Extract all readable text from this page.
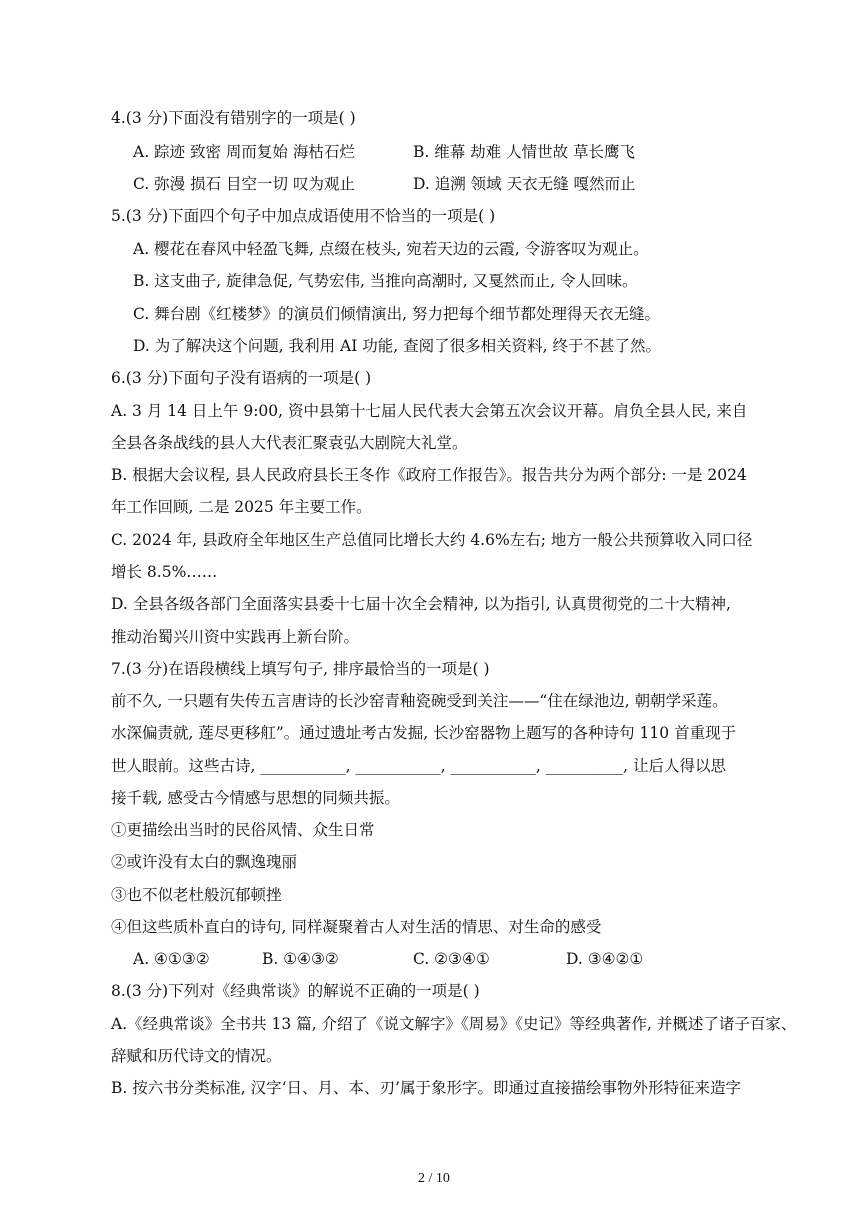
4.(3 分)下面没有错别字的一项是( )
A. 踪迹 致密 周而复始 海枯石烂	B. 维幕 劫难 人情世故 草长鹰飞
C. 弥漫 损石 目空一切 叹为观止	D. 追溯 领域 天衣无缝 嘎然而止
5.(3 分)下面四个句子中加点成语使用不恰当的一项是( )
A. 樱花在春风中轻盈飞舞, 点缀在枝头, 宛若天边的云霞, 令游客叹为观止。
B. 这支曲子, 旋律急促, 气势宏伟, 当推向高潮时, 又戛然而止, 令人回味。
C. 舞台剧《红楼梦》的演员们倾情演出, 努力把每个细节都处理得天衣无缝。
D. 为了解决这个问题, 我利用 AI 功能, 查阅了很多相关资料, 终于不甚了然。
6.(3 分)下面句子没有语病的一项是( )
A. 3 月 14 日上午 9:00, 资中县第十七届人民代表大会第五次会议开幕。肩负全县人民, 来自
全县各条战线的县人大代表汇聚袁弘大剧院大礼堂。
B. 根据大会议程, 县人民政府县长王冬作《政府工作报告》。报告共分为两个部分: 一是 2024
年工作回顾, 二是 2025 年主要工作。
C. 2024 年, 县政府全年地区生产总值同比增长大约 4.6%左右; 地方一般公共预算收入同口径
增长 8.5%……
D. 全县各级各部门全面落实县委十七届十次全会精神, 以为指引, 认真贯彻党的二十大精神,
推动治蜀兴川资中实践再上新台阶。
7.(3 分)在语段横线上填写句子, 排序最恰当的一项是( )
前不久, 一只题有失传五言唐诗的长沙窑青釉瓷碗受到关注——“住在绿池边, 朝朝学采莲。
水深偏责就, 莲尽更移舡”。通过遗址考古发掘, 长沙窑器物上题写的各种诗句 110 首重现于
世人眼前。这些古诗, ___________, ___________, ___________, __________, 让后人得以思
接千载, 感受古今情感与思想的同频共振。
①更描绘出当时的民俗风情、众生日常
②或许没有太白的飘逸瑰丽
③也不似老杜般沉郁顿挫
④但这些质朴直白的诗句, 同样凝聚着古人对生活的情思、对生命的感受
A. ④①③②	B. ①④③②	C. ②③④①	D. ③④②①
8.(3 分)下列对《经典常谈》的解说不正确的一项是( )
A.《经典常谈》全书共 13 篇, 介绍了《说文解字》《周易》《史记》等经典著作, 并概述了诸子百家、
辞赋和历代诗文的情况。
B. 按六书分类标准, 汉字‘日、月、本、刃’属于象形字。即通过直接描绘事物外形特征来造字
2 / 10
